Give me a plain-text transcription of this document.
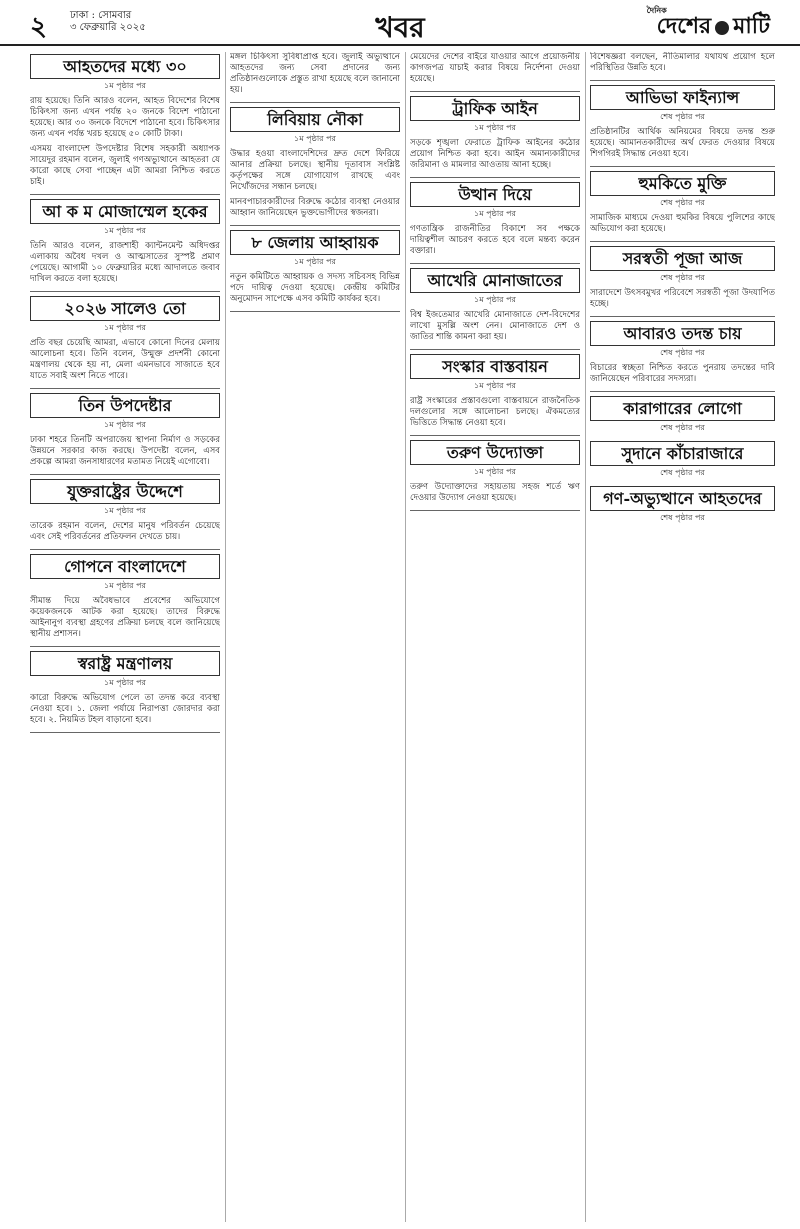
২ ঢাকা : সোমবার
৩ ফেব্রুয়ারি ২০২৫	খবর
দৈনিক
দেশের মাটি
আহতদের মধ্যে ৩০
১ম পৃষ্ঠার পর

রায় হয়েছে। তিনি আরও বলেন, আহত বিদেশের বিশেষ চিকিৎসা জন্য এখন পর্যন্ত ২০ জনকে বিদেশ পাঠানো হয়েছে। আর ৩০ জনকে বিদেশে পাঠানো হবে। চিকিৎসার জন্য এখন পর্যন্ত খরচ হয়েছে ৫০ কোটি টাকা।

এসময় বাংলাদেশ উপদেষ্টার বিশেষ সহকারী অধ্যাপক সায়েদুর রহমান বলেন, জুলাই গণঅভ্যুত্থানে আহতরা যে কারো কাছে সেবা পাচ্ছেন এটা আমরা নিশ্চিত করতে চাই।

আ ক ম মোজাম্মেল হকের
১ম পৃষ্ঠার পর

তিনি আরও বলেন, রাজশাহী ক্যান্টনমেন্ট অধিদপ্তর এলাকায় অবৈধ দখল ও আত্মসাতের সুস্পষ্ট প্রমাণ পেয়েছে। আগামী ১০ ফেব্রুয়ারির মধ্যে আদালতে জবাব দাখিল করতে বলা হয়েছে।

২০২৬ সালেও তো
১ম পৃষ্ঠার পর

প্রতি বছর চেয়েছি আমরা, এভাবে কোনো দিনের মেলায় আলোচনা হবে। তিনি বলেন, উন্মুক্ত প্রদর্শনী কোনো মন্ত্রণালয় থেকে হয় না, মেলা এমনভাবে সাজাতে হবে যাতে সবাই অংশ নিতে পারে।

তিন উপদেষ্টার
১ম পৃষ্ঠার পর

ঢাকা শহরে তিনটি অপরাজেয় স্থাপনা নির্মাণ ও সড়কের উন্নয়নে সরকার কাজ করছে। উপদেষ্টা বলেন, এসব প্রকল্পে আমরা জনসাধারণের মতামত নিয়েই এগোবো।

যুক্তরাষ্ট্রের উদ্দেশে
১ম পৃষ্ঠার পর

তারেক রহমান বলেন, দেশের মানুষ পরিবর্তন চেয়েছে এবং সেই পরিবর্তনের প্রতিফলন দেখতে চায়।

গোপনে বাংলাদেশে
১ম পৃষ্ঠার পর

সীমান্ত দিয়ে অবৈধভাবে প্রবেশের অভিযোগে কয়েকজনকে আটক করা হয়েছে। তাদের বিরুদ্ধে আইনানুগ ব্যবস্থা গ্রহণের প্রক্রিয়া চলছে বলে জানিয়েছে স্থানীয় প্রশাসন।

স্বরাষ্ট্র মন্ত্রণালয়
১ম পৃষ্ঠার পর

কারো বিরুদ্ধে অভিযোগ পেলে তা তদন্ত করে ব্যবস্থা নেওয়া হবে। ১. জেলা পর্যায়ে নিরাপত্তা জোরদার করা হবে। ২. নিয়মিত টহল বাড়ানো হবে।

মঙ্গল চিকিৎসা সুবিধাপ্রাপ্ত হবে। জুলাই অভ্যুত্থানে আহতদের জন্য সেবা প্রদানের জন্য প্রতিষ্ঠানগুলোকে প্রস্তুত রাখা হয়েছে বলে জানানো হয়।

লিবিয়ায় নৌকা
১ম পৃষ্ঠার পর

উদ্ধার হওয়া বাংলাদেশিদের দ্রুত দেশে ফিরিয়ে আনার প্রক্রিয়া চলছে। স্থানীয় দূতাবাস সংশ্লিষ্ট কর্তৃপক্ষের সঙ্গে যোগাযোগ রাখছে এবং নিখোঁজদের সন্ধান চলছে।

মানবপাচারকারীদের বিরুদ্ধে কঠোর ব্যবস্থা নেওয়ার আহ্বান জানিয়েছেন ভুক্তভোগীদের স্বজনরা।

৮ জেলায় আহ্বায়ক
১ম পৃষ্ঠার পর

নতুন কমিটিতে আহ্বায়ক ও সদস্য সচিবসহ বিভিন্ন পদে দায়িত্ব দেওয়া হয়েছে। কেন্দ্রীয় কমিটির অনুমোদন সাপেক্ষে এসব কমিটি কার্যকর হবে।

মেয়েদের দেশের বাইরে যাওয়ার আগে প্রয়োজনীয় কাগজপত্র যাচাই করার বিষয়ে নির্দেশনা দেওয়া হয়েছে।

ট্রাফিক আইন
১ম পৃষ্ঠার পর

সড়কে শৃঙ্খলা ফেরাতে ট্রাফিক আইনের কঠোর প্রয়োগ নিশ্চিত করা হবে। আইন অমান্যকারীদের জরিমানা ও মামলার আওতায় আনা হচ্ছে।

উত্থান দিয়ে
১ম পৃষ্ঠার পর

গণতান্ত্রিক রাজনীতির বিকাশে সব পক্ষকে দায়িত্বশীল আচরণ করতে হবে বলে মন্তব্য করেন বক্তারা।

আখেরি মোনাজাতের
১ম পৃষ্ঠার পর

বিশ্ব ইজতেমার আখেরি মোনাজাতে দেশ-বিদেশের লাখো মুসল্লি অংশ নেন। মোনাজাতে দেশ ও জাতির শান্তি কামনা করা হয়।

সংস্কার বাস্তবায়ন
১ম পৃষ্ঠার পর

রাষ্ট্র সংস্কারের প্রস্তাবগুলো বাস্তবায়নে রাজনৈতিক দলগুলোর সঙ্গে আলোচনা চলছে। ঐকমত্যের ভিত্তিতে সিদ্ধান্ত নেওয়া হবে।

তরুণ উদ্যোক্তা
১ম পৃষ্ঠার পর

তরুণ উদ্যোক্তাদের সহায়তায় সহজ শর্তে ঋণ দেওয়ার উদ্যোগ নেওয়া হয়েছে।

বিশেষজ্ঞরা বলছেন, নীতিমালার যথাযথ প্রয়োগ হলে পরিস্থিতির উন্নতি হবে।

আভিভা ফাইন্যান্স
শেষ পৃষ্ঠার পর

প্রতিষ্ঠানটির আর্থিক অনিয়মের বিষয়ে তদন্ত শুরু হয়েছে। আমানতকারীদের অর্থ ফেরত দেওয়ার বিষয়ে শিগগিরই সিদ্ধান্ত নেওয়া হবে।

হুমকিতে মুক্তি
শেষ পৃষ্ঠার পর

সামাজিক মাধ্যমে দেওয়া হুমকির বিষয়ে পুলিশের কাছে অভিযোগ করা হয়েছে।

সরস্বতী পূজা আজ
শেষ পৃষ্ঠার পর

সারাদেশে উৎসবমুখর পরিবেশে সরস্বতী পূজা উদযাপিত হচ্ছে।

আবারও তদন্ত চায়
শেষ পৃষ্ঠার পর

বিচারের স্বচ্ছতা নিশ্চিত করতে পুনরায় তদন্তের দাবি জানিয়েছেন পরিবারের সদস্যরা।

কারাগারের লোগো
শেষ পৃষ্ঠার পর
সুদানে কাঁচারাজারে
শেষ পৃষ্ঠার পর
গণ-অভ্যুত্থানে আহতদের
শেষ পৃষ্ঠার পর
